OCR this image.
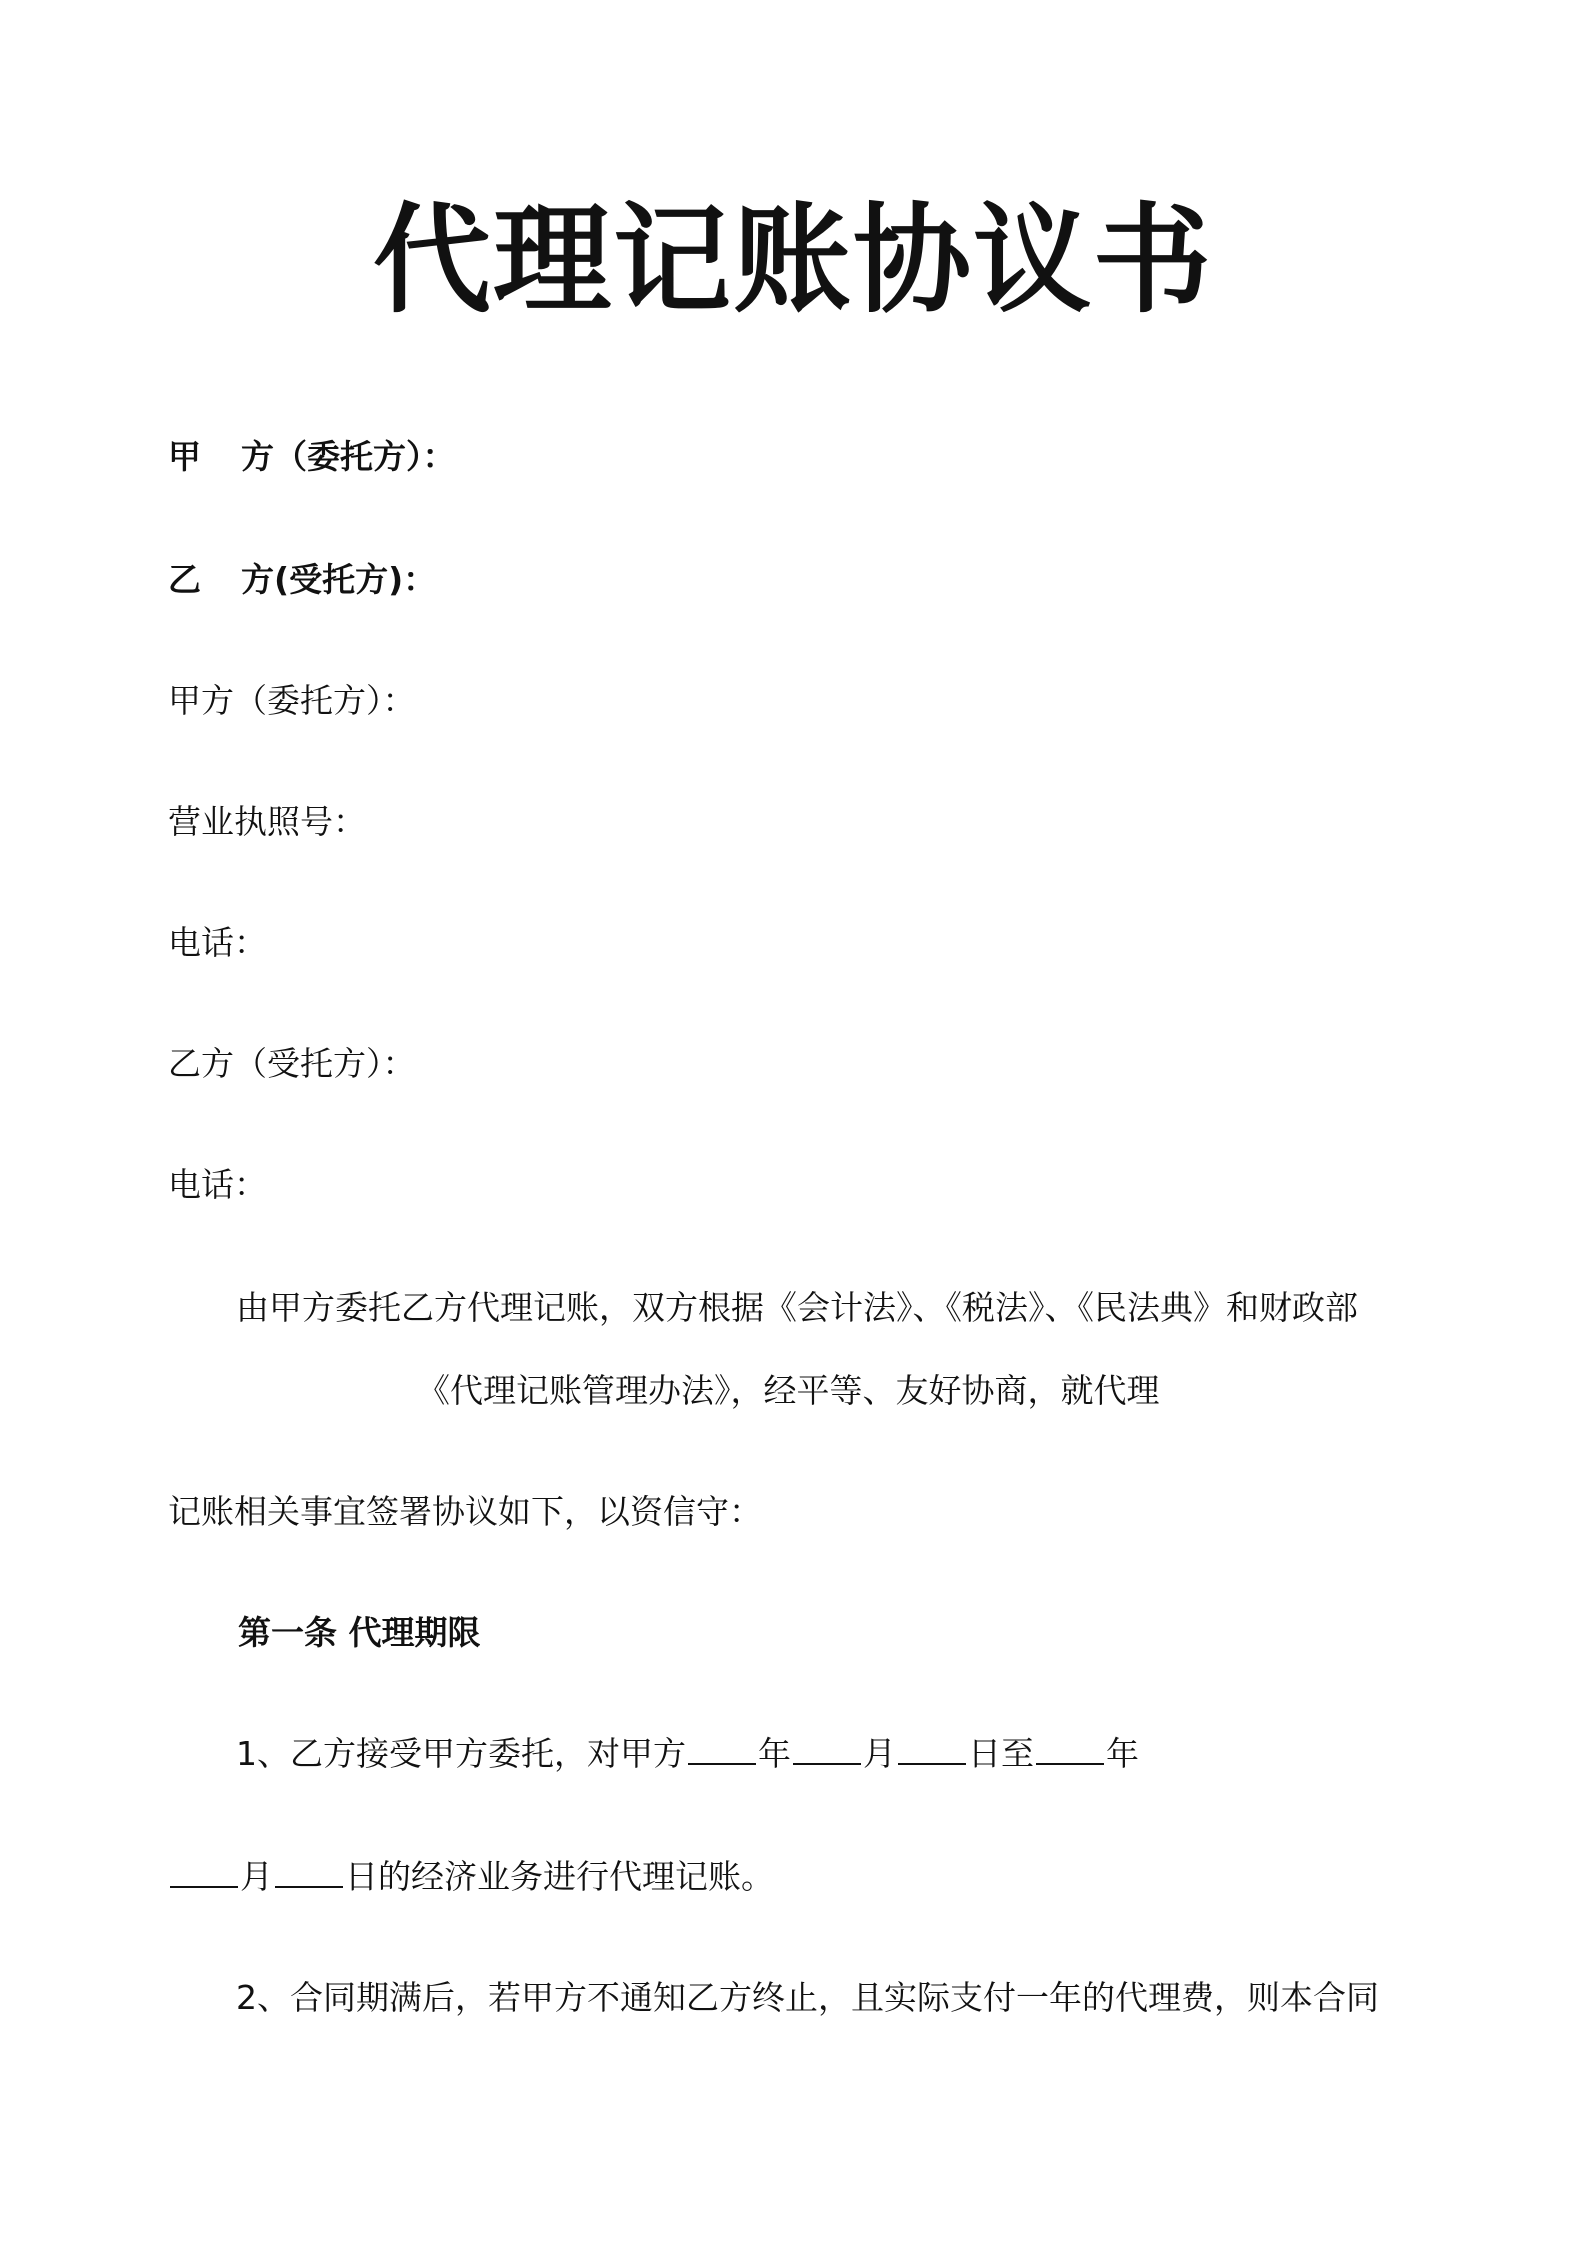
代理记账协议书
甲 方（委托方）：
乙 方(受托方)：
甲方（委托方）：
营业执照号：
电话：
乙方（受托方）：
电话：
由甲方委托乙方代理记账，双方根据《会计法》、《税法》、《民法典》和财政部
《代理记账管理办法》，经平等、友好协商，就代理
记账相关事宜签署协议如下，以资信守：
第一条 代理期限
1、乙方接受甲方委托，对甲方 年 月 日至 年
月 日的经济业务进行代理记账。
2、合同期满后，若甲方不通知乙方终止，且实际支付一年的代理费，则本合同
